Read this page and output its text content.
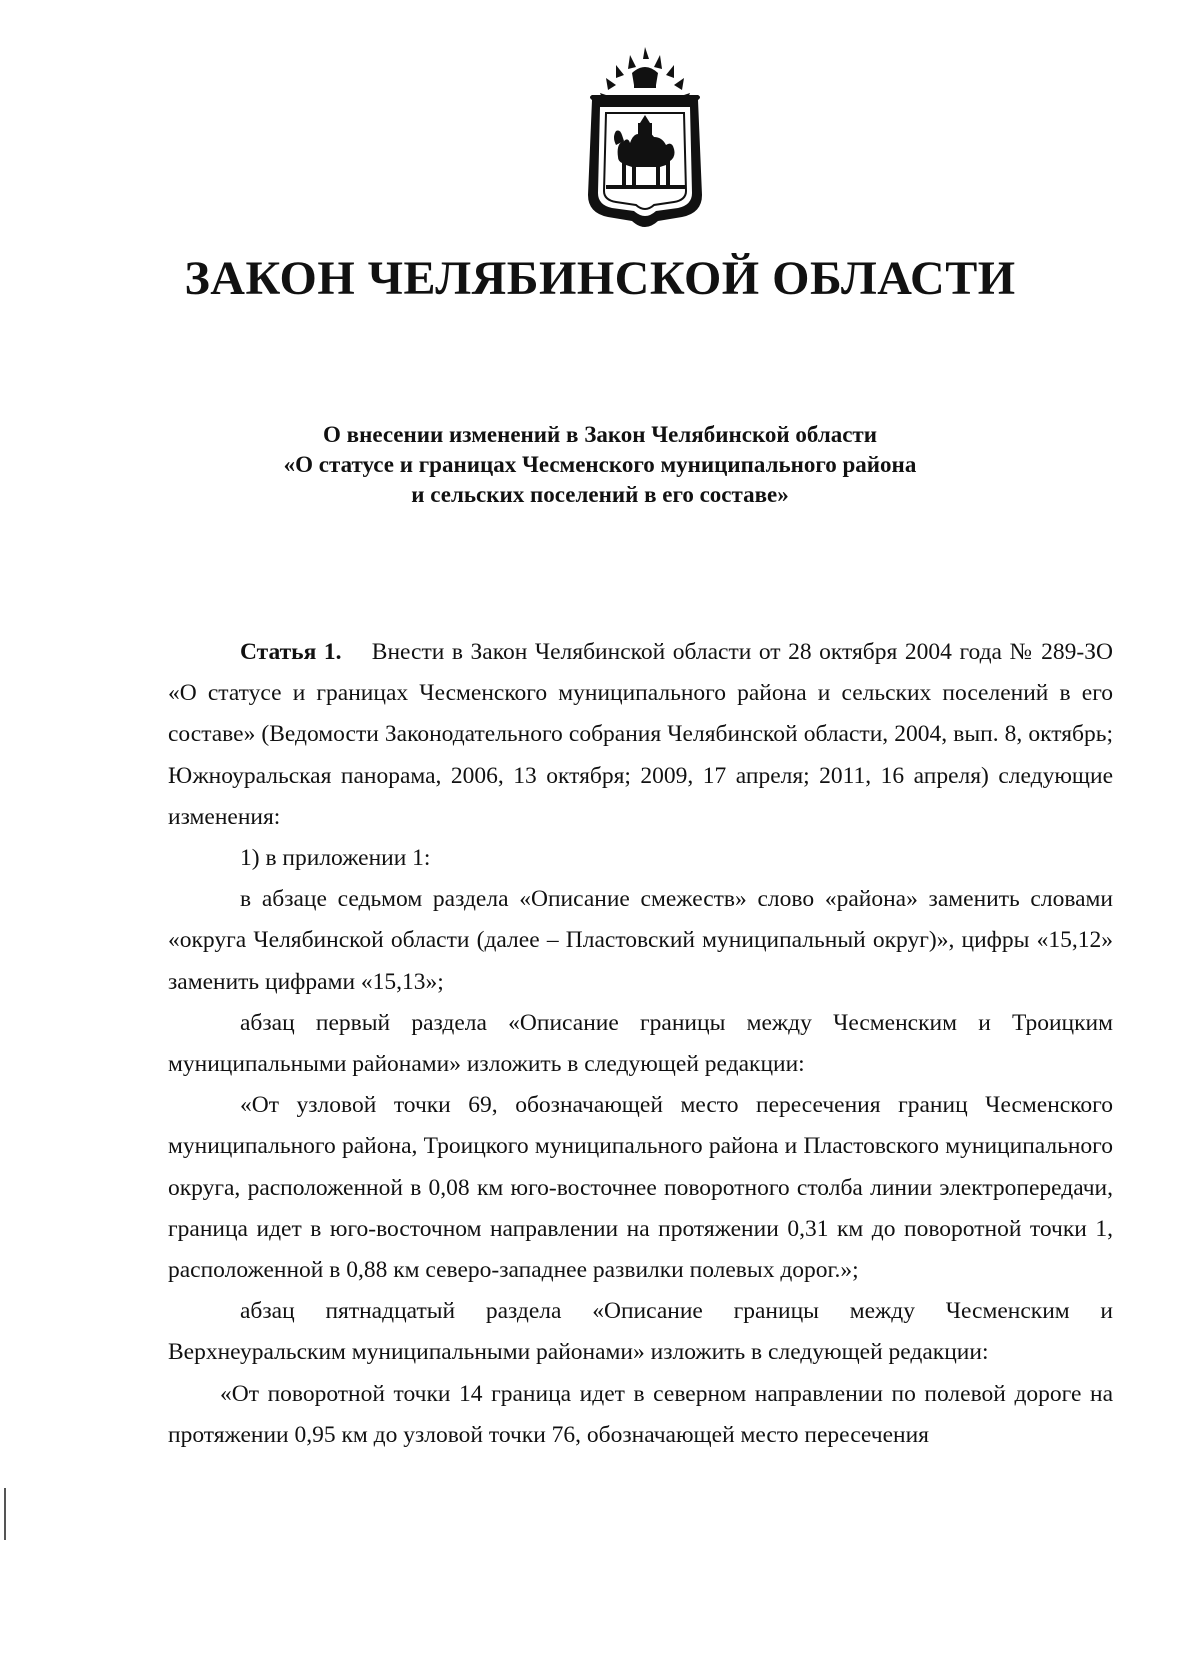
ЗАКОН ЧЕЛЯБИНСКОЙ ОБЛАСТИ
О внесении изменений в Закон Челябинской области
«О статусе и границах Чесменского муниципального района
и сельских поселений в его составе»

Статья 1. Внести в Закон Челябинской области от 28 октября 2004 года № 289-ЗО «О статусе и границах Чесменского муниципального района и сельских поселений в его составе» (Ведомости Законодательного собрания Челябинской области, 2004, вып. 8, октябрь; Южноуральская панорама, 2006, 13 октября; 2009, 17 апреля; 2011, 16 апреля) следующие изменения:

1) в приложении 1:

в абзаце седьмом раздела «Описание смежеств» слово «района» заменить словами «округа Челябинской области (далее – Пластовский муниципальный округ)», цифры «15,12» заменить цифрами «15,13»;

абзац первый раздела «Описание границы между Чесменским и Троицким муниципальными районами» изложить в следующей редакции:

«От узловой точки 69, обозначающей место пересечения границ Чесменского муниципального района, Троицкого муниципального района и Пластовского муниципального округа, расположенной в 0,08 км юго-восточнее поворотного столба линии электропередачи, граница идет в юго-восточном направлении на протяжении 0,31 км до поворотной точки 1, расположенной в 0,88 км северо-западнее развилки полевых дорог.»;

абзац пятнадцатый раздела «Описание границы между Чесменским и Верхнеуральским муниципальными районами» изложить в следующей редакции:

«От поворотной точки 14 граница идет в северном направлении по полевой дороге на протяжении 0,95 км до узловой точки 76, обозначающей место пересечения
